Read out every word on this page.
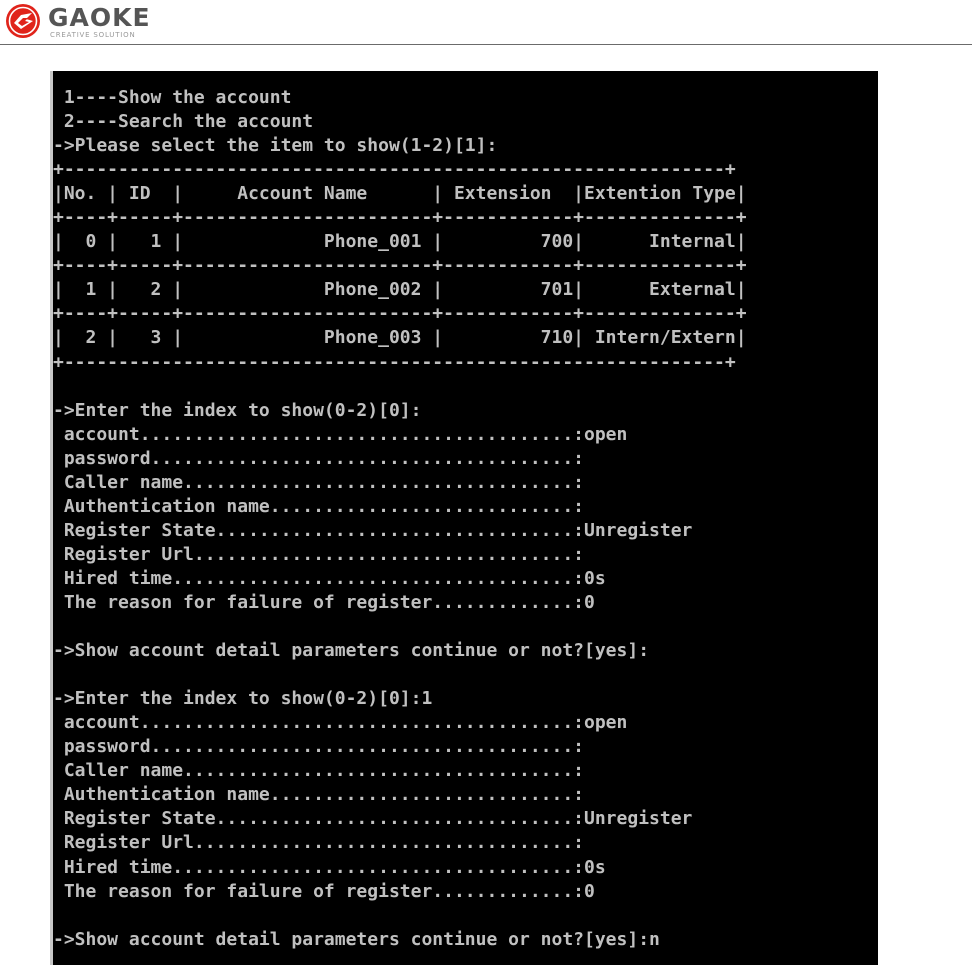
GAOKE
CREATIVE SOLUTION
1----Show the account
2----Search the account
->Please select the item to show(1-2)[1]:
+-------------------------------------------------------------+
|No. | ID  |     Account Name      | Extension  |Extention Type|
+----+-----+-----------------------+------------+--------------+
|  0 |   1 |             Phone_001 |         700|      Internal|
+----+-----+-----------------------+------------+--------------+
|  1 |   2 |             Phone_002 |         701|      External|
+----+-----+-----------------------+------------+--------------+
|  2 |   3 |             Phone_003 |         710| Intern/Extern|
+-------------------------------------------------------------+
->Enter the index to show(0-2)[0]:
account........................................:open
password.......................................:
Caller name....................................:
Authentication name............................:
Register State.................................:Unregister
Register Url...................................:
Hired time.....................................:0s
The reason for failure of register.............:0
->Show account detail parameters continue or not?[yes]:
->Enter the index to show(0-2)[0]:1
account........................................:open
password.......................................:
Caller name....................................:
Authentication name............................:
Register State.................................:Unregister
Register Url...................................:
Hired time.....................................:0s
The reason for failure of register.............:0
->Show account detail parameters continue or not?[yes]:n
